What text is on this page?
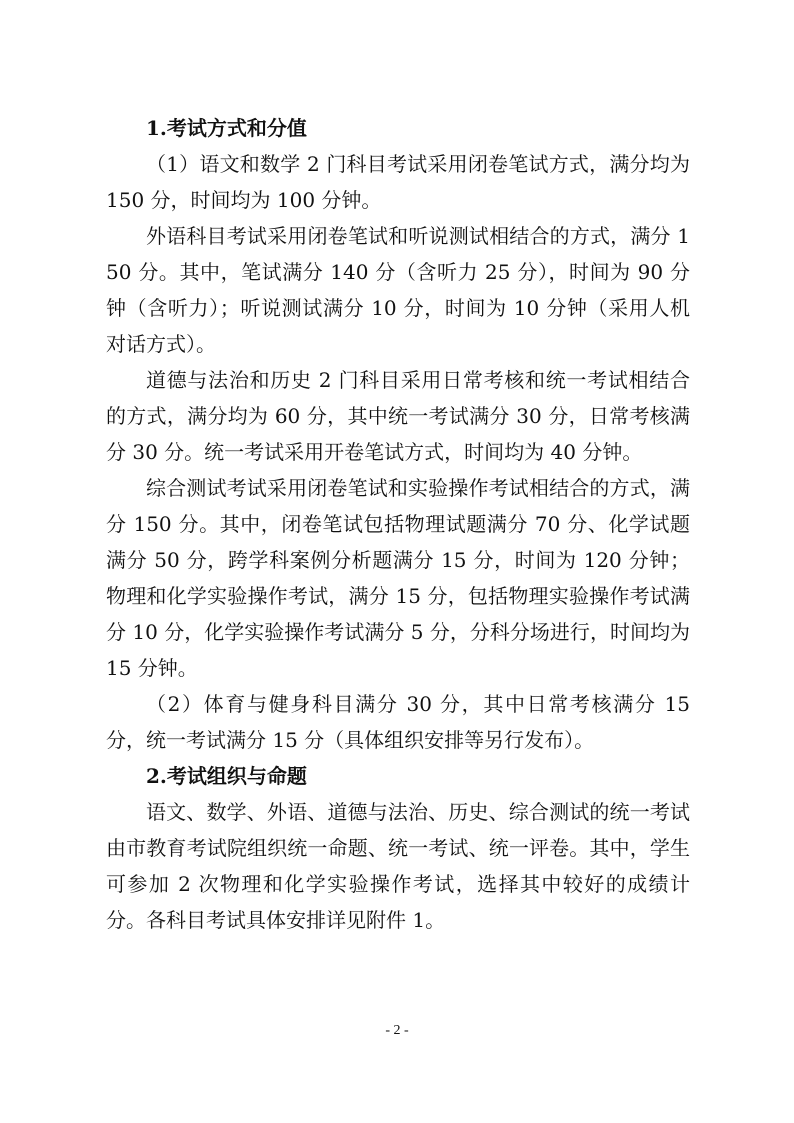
1.考试方式和分值

（1）语文和数学 2 门科目考试采用闭卷笔试方式，满分均为 150 分，时间均为 100 分钟。

外语科目考试采用闭卷笔试和听说测试相结合的方式，满分 150 分。其中，笔试满分 140 分（含听力 25 分），时间为 90 分钟（含听力）；听说测试满分 10 分，时间为 10 分钟（采用人机对话方式）。

道德与法治和历史 2 门科目采用日常考核和统一考试相结合的方式，满分均为 60 分，其中统一考试满分 30 分，日常考核满分 30 分。统一考试采用开卷笔试方式，时间均为 40 分钟。

综合测试考试采用闭卷笔试和实验操作考试相结合的方式，满分 150 分。其中，闭卷笔试包括物理试题满分 70 分、化学试题满分 50 分，跨学科案例分析题满分 15 分，时间为 120 分钟；物理和化学实验操作考试，满分 15 分，包括物理实验操作考试满分 10 分，化学实验操作考试满分 5 分，分科分场进行，时间均为 15 分钟。

（2）体育与健身科目满分 30 分，其中日常考核满分 15 分，统一考试满分 15 分（具体组织安排等另行发布）。

2.考试组织与命题

语文、数学、外语、道德与法治、历史、综合测试的统一考试由市教育考试院组织统一命题、统一考试、统一评卷。其中，学生可参加 2 次物理和化学实验操作考试，选择其中较好的成绩计分。各科目考试具体安排详见附件 1。

- 2 -
